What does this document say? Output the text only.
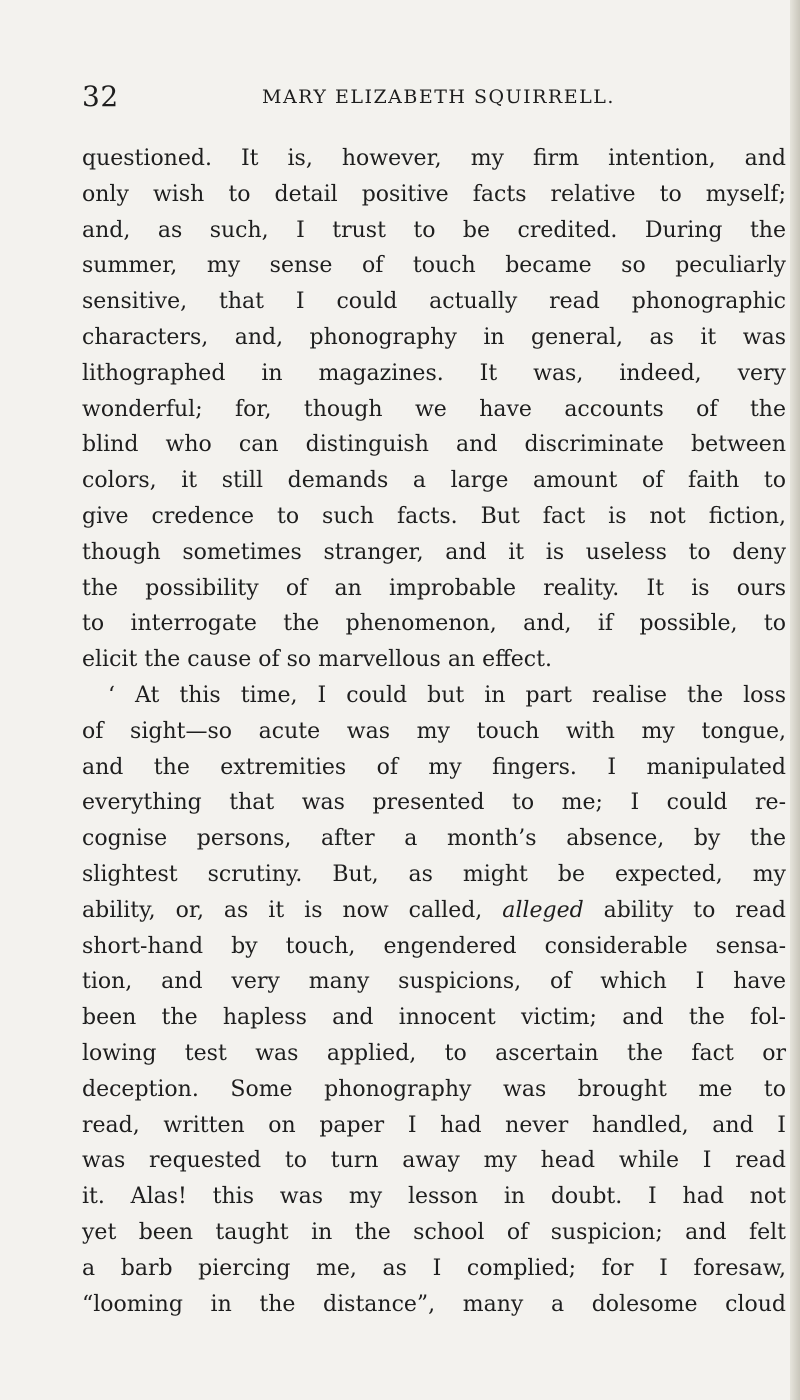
32	MARY ELIZABETH SQUIRRELL.
questioned. It is, however, my firm intention, and
only wish to detail positive facts relative to myself;
and, as such, I trust to be credited. During the
summer, my sense of touch became so peculiarly
sensitive, that I could actually read phonographic
characters, and, phonography in general, as it was
lithographed in magazines. It was, indeed, very
wonderful; for, though we have accounts of the
blind who can distinguish and discriminate between
colors, it still demands a large amount of faith to
give credence to such facts. But fact is not fiction,
though sometimes stranger, and it is useless to deny
the possibility of an improbable reality. It is ours
to interrogate the phenomenon, and, if possible, to
elicit the cause of so marvellous an effect.
‘ At this time, I could but in part realise the loss
of sight—so acute was my touch with my tongue,
and the extremities of my fingers. I manipulated
everything that was presented to me; I could re-
cognise persons, after a month’s absence, by the
slightest scrutiny. But, as might be expected, my
ability, or, as it is now called, alleged ability to read
short-hand by touch, engendered considerable sensa-
tion, and very many suspicions, of which I have
been the hapless and innocent victim; and the fol-
lowing test was applied, to ascertain the fact or
deception. Some phonography was brought me to
read, written on paper I had never handled, and I
was requested to turn away my head while I read
it. Alas! this was my lesson in doubt. I had not
yet been taught in the school of suspicion; and felt
a barb piercing me, as I complied; for I foresaw,
“looming in the distance”, many a dolesome cloud
